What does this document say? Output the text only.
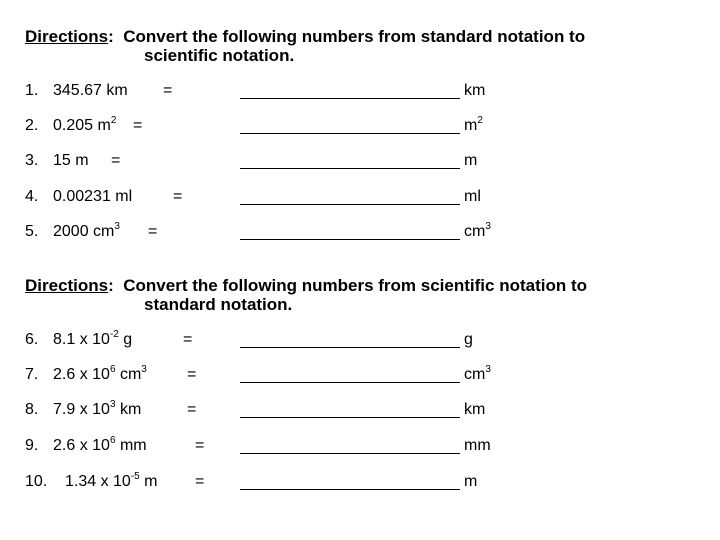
Directions: Convert the following numbers from standard notation to
scientific notation.
1. 345.67 km =	km
2. 0.205 $m^2$ =	$m^2$
3. 15 m =	m
4. 0.00231 ml	=	ml
5. 2000 $cm^3$ =	$cm^3$
Directions: Convert the following numbers from scientific notation to
standard notation.
6. 8.1 x $10^{-2}$ g	=	g
7. 2.6 x $10^6$ $cm^3$	=	$cm^3$
8. 7.9 x $10^3$ km	=	km
9. 2.6 x $10^6$ mm	=	mm
10. 1.34 x $10^{-5}$ m =	m
